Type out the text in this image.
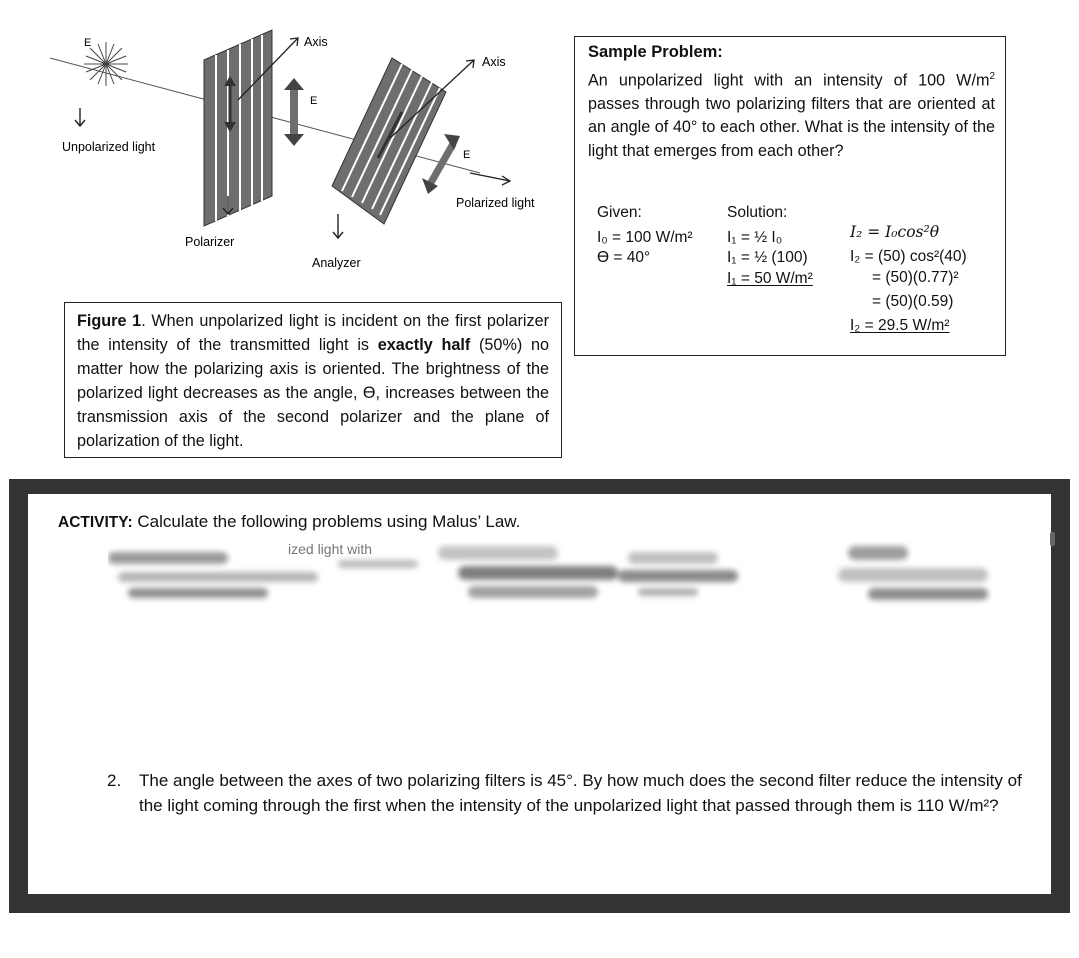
E
Unpolarized light
Axis
E
Polarizer
Axis
E
Polarized light
Analyzer
Figure 1. When unpolarized light is incident on the first polarizer the intensity of the transmitted light is exactly half (50%) no matter how the polarizing axis is oriented. The brightness of the polarized light decreases as the angle, ϴ, increases between the transmission axis of the second polarizer and the plane of polarization of the light.
Sample Problem:
An unpolarized light with an intensity of 100 $W/m^2$ passes through two polarizing filters that are oriented at an angle of 40° to each other. What is the intensity of the light that emerges from each other?
Given:
I₀ = 100 W/m²
ϴ = 40°
Solution:
I₁ = ½ I₀
I₁ = ½ (100)
I₁ = 50 W/m²
I₂ = I₀cos²θ
I₂ = (50) cos²(40)
= (50)(0.77)²
= (50)(0.59)
I₂ = 29.5 W/m²
ACTIVITY: Calculate the following problems using Malus’ Law.
ized light with
2. The angle between the axes of two polarizing filters is 45°. By how much does the second filter reduce the intensity of the light coming through the first when the intensity of the unpolarized light that passed through them is 110 W/m²?
